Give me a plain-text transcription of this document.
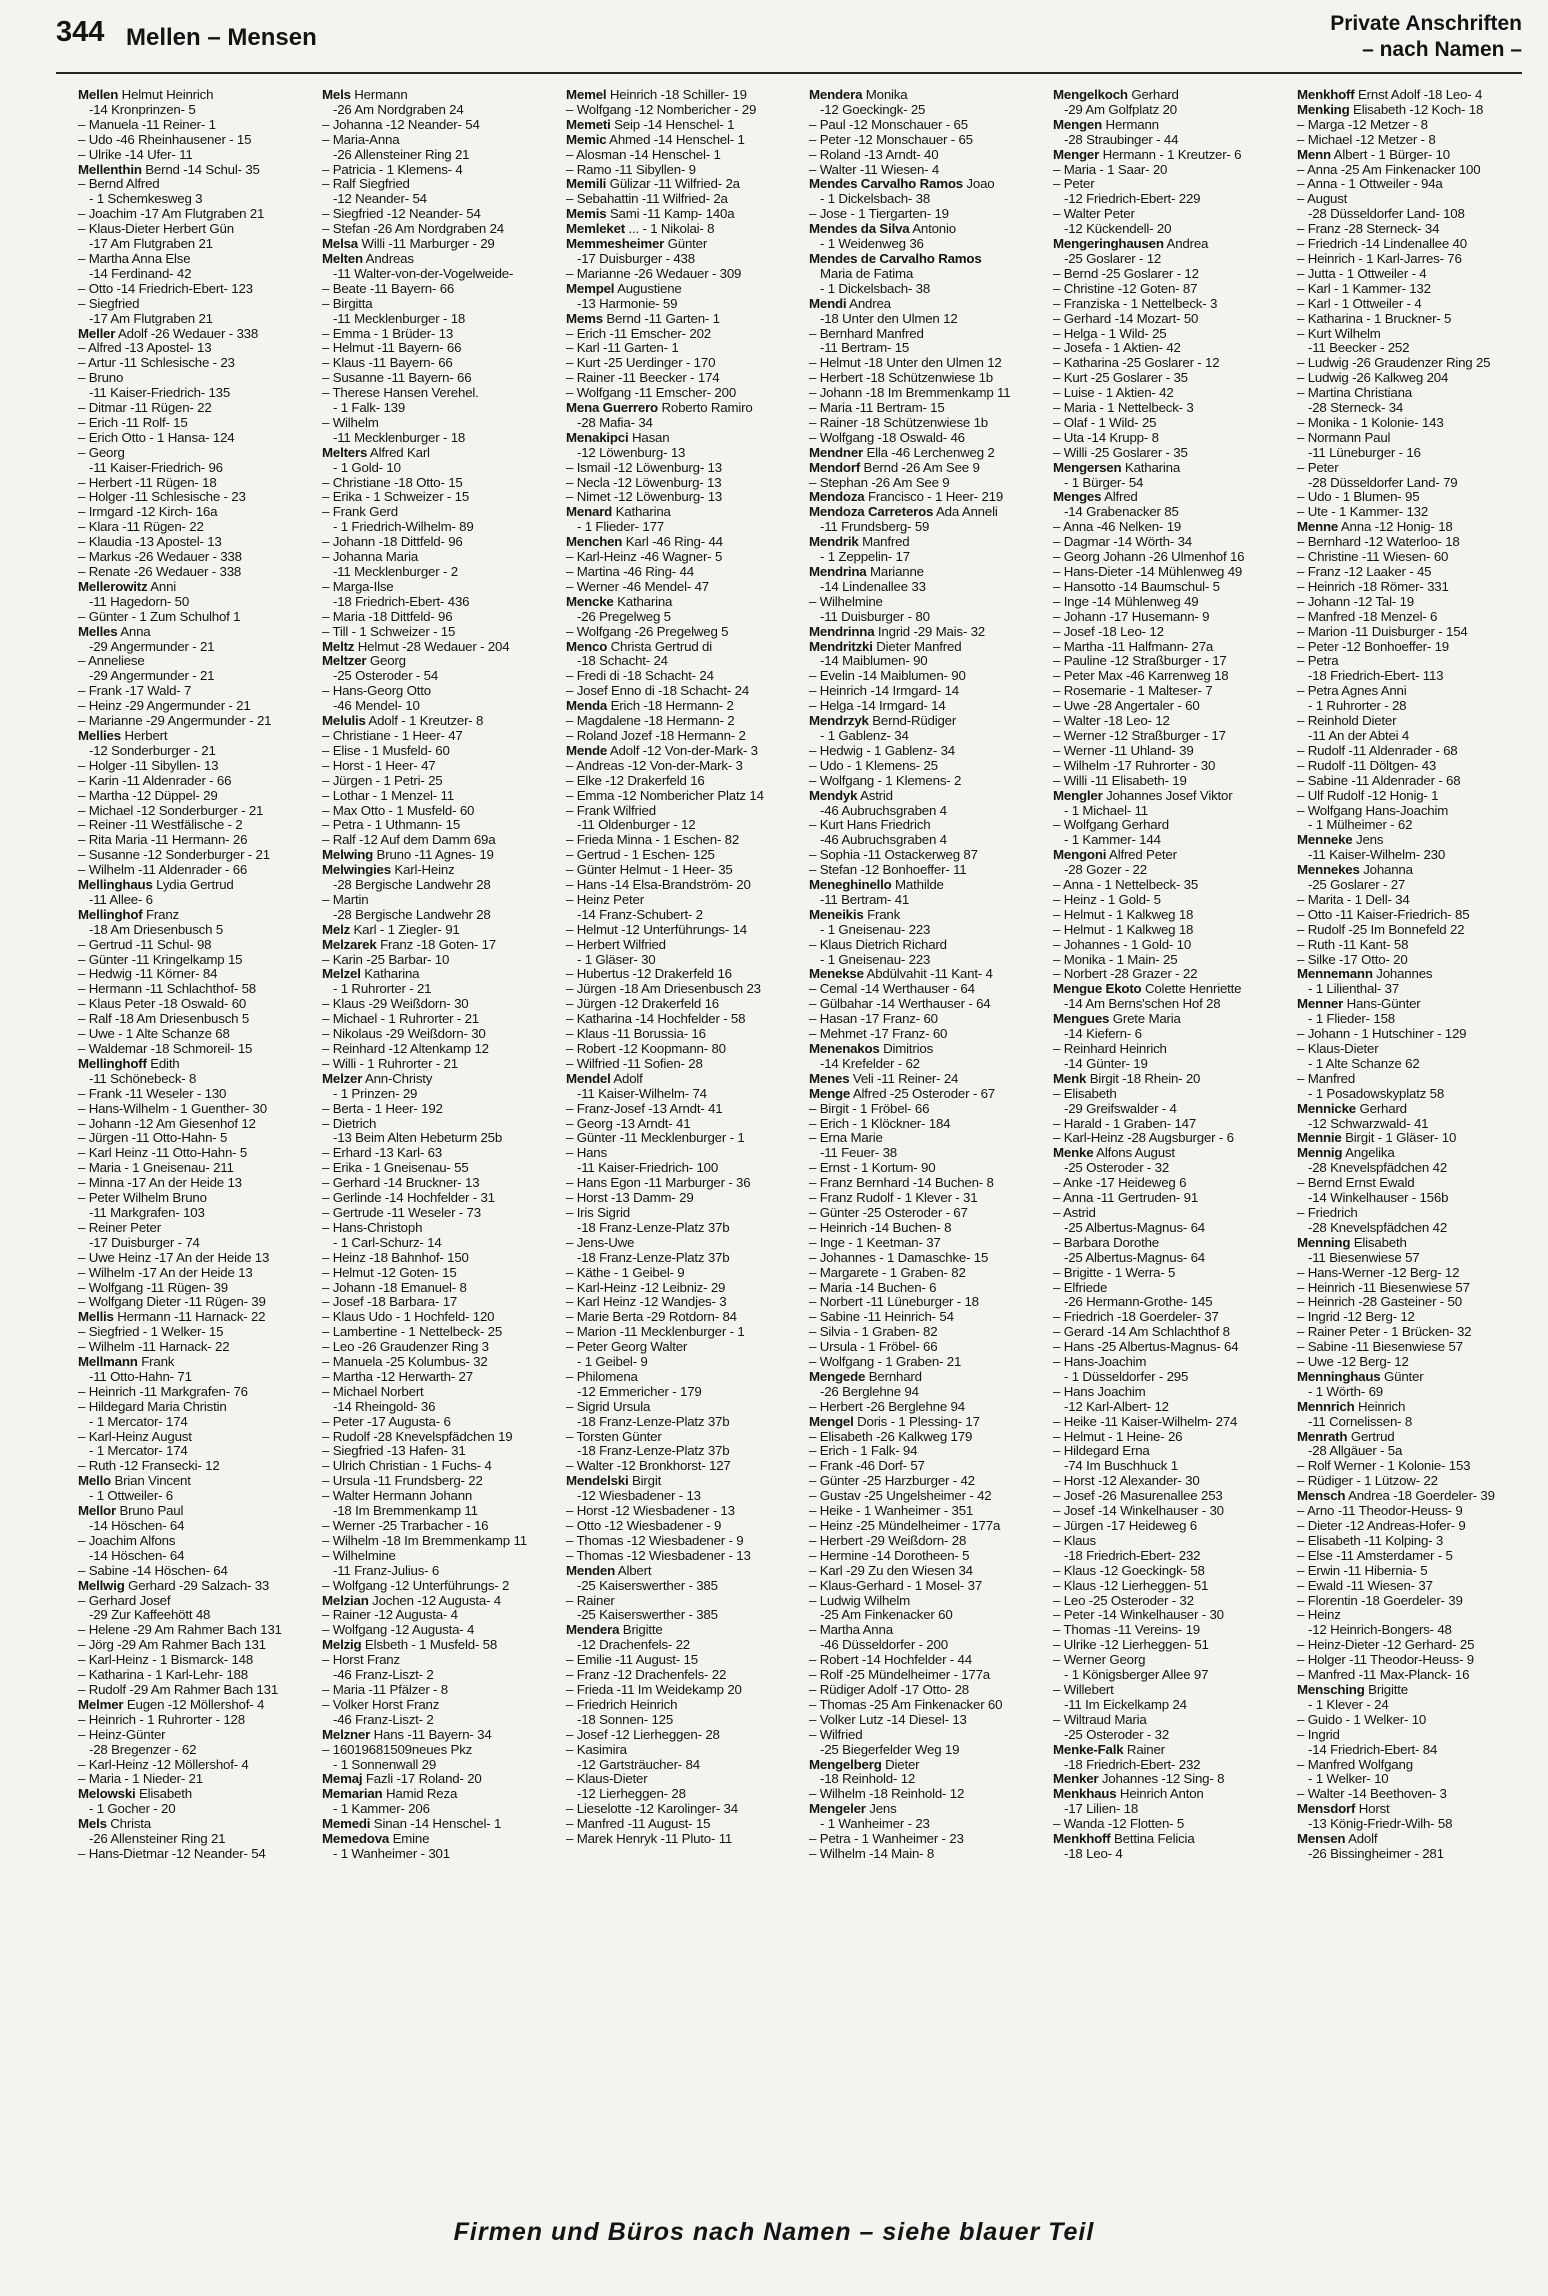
344 Mellen – Mensen
Private Anschriften
– nach Namen –
Mellen Helmut Heinrich
-14 Kronprinzen- 5
– Manuela -11 Reiner- 1
– Udo -46 Rheinhausener - 15
– Ulrike -14 Ufer- 11
Mellenthin Bernd -14 Schul- 35
– Bernd Alfred
- 1 Schemkesweg 3
– Joachim -17 Am Flutgraben 21
– Klaus-Dieter Herbert Gün
-17 Am Flutgraben 21
– Martha Anna Else
-14 Ferdinand- 42
– Otto -14 Friedrich-Ebert- 123
– Siegfried
-17 Am Flutgraben 21
Meller Adolf -26 Wedauer - 338
– Alfred -13 Apostel- 13
– Artur -11 Schlesische - 23
– Bruno
-11 Kaiser-Friedrich- 135
– Ditmar -11 Rügen- 22
– Erich -11 Rolf- 15
– Erich Otto - 1 Hansa- 124
– Georg
-11 Kaiser-Friedrich- 96
– Herbert -11 Rügen- 18
– Holger -11 Schlesische - 23
– Irmgard -12 Kirch- 16a
– Klara -11 Rügen- 22
– Klaudia -13 Apostel- 13
– Markus -26 Wedauer - 338
– Renate -26 Wedauer - 338
Mellerowitz Anni
-11 Hagedorn- 50
– Günter - 1 Zum Schulhof 1
Melles Anna
-29 Angermunder - 21
– Anneliese
-29 Angermunder - 21
– Frank -17 Wald- 7
– Heinz -29 Angermunder - 21
– Marianne -29 Angermunder - 21
Mellies Herbert
-12 Sonderburger - 21
– Holger -11 Sibyllen- 13
– Karin -11 Aldenrader - 66
– Martha -12 Düppel- 29
– Michael -12 Sonderburger - 21
– Reiner -11 Westfälische - 2
– Rita Maria -11 Hermann- 26
– Susanne -12 Sonderburger - 21
– Wilhelm -11 Aldenrader - 66
Mellinghaus Lydia Gertrud
-11 Allee- 6
Mellinghof Franz
-18 Am Driesenbusch 5
– Gertrud -11 Schul- 98
– Günter -11 Kringelkamp 15
– Hedwig -11 Körner- 84
– Hermann -11 Schlachthof- 58
– Klaus Peter -18 Oswald- 60
– Ralf -18 Am Driesenbusch 5
– Uwe - 1 Alte Schanze 68
– Waldemar -18 Schmoreil- 15
Mellinghoff Edith
-11 Schönebeck- 8
– Frank -11 Weseler - 130
– Hans-Wilhelm - 1 Guenther- 30
– Johann -12 Am Giesenhof 12
– Jürgen -11 Otto-Hahn- 5
– Karl Heinz -11 Otto-Hahn- 5
– Maria - 1 Gneisenau- 211
– Minna -17 An der Heide 13
– Peter Wilhelm Bruno
-11 Markgrafen- 103
– Reiner Peter
-17 Duisburger - 74
– Uwe Heinz -17 An der Heide 13
– Wilhelm -17 An der Heide 13
– Wolfgang -11 Rügen- 39
– Wolfgang Dieter -11 Rügen- 39
Mellis Hermann -11 Harnack- 22
– Siegfried - 1 Welker- 15
– Wilhelm -11 Harnack- 22
Mellmann Frank
-11 Otto-Hahn- 71
– Heinrich -11 Markgrafen- 76
– Hildegard Maria Christin
- 1 Mercator- 174
– Karl-Heinz August
- 1 Mercator- 174
– Ruth -12 Fransecki- 12
Mello Brian Vincent
- 1 Ottweiler- 6
Mellor Bruno Paul
-14 Höschen- 64
– Joachim Alfons
-14 Höschen- 64
– Sabine -14 Höschen- 64
Mellwig Gerhard -29 Salzach- 33
– Gerhard Josef
-29 Zur Kaffeehött 48
– Helene -29 Am Rahmer Bach 131
– Jörg -29 Am Rahmer Bach 131
– Karl-Heinz - 1 Bismarck- 148
– Katharina - 1 Karl-Lehr- 188
– Rudolf -29 Am Rahmer Bach 131
Melmer Eugen -12 Möllershof- 4
– Heinrich - 1 Ruhrorter - 128
– Heinz-Günter
-28 Bregenzer - 62
– Karl-Heinz -12 Möllershof- 4
– Maria - 1 Nieder- 21
Melowski Elisabeth
- 1 Gocher - 20
Mels Christa
-26 Allensteiner Ring 21
– Hans-Dietmar -12 Neander- 54
Mels Hermann
-26 Am Nordgraben 24
– Johanna -12 Neander- 54
– Maria-Anna
-26 Allensteiner Ring 21
– Patricia - 1 Klemens- 4
– Ralf Siegfried
-12 Neander- 54
– Siegfried -12 Neander- 54
– Stefan -26 Am Nordgraben 24
Melsa Willi -11 Marburger - 29
Melten Andreas
-11 Walter-von-der-Vogelweide-
– Beate -11 Bayern- 66
– Birgitta
-11 Mecklenburger - 18
– Emma - 1 Brüder- 13
– Helmut -11 Bayern- 66
– Klaus -11 Bayern- 66
– Susanne -11 Bayern- 66
– Therese Hansen Verehel.
- 1 Falk- 139
– Wilhelm
-11 Mecklenburger - 18
Melters Alfred Karl
- 1 Gold- 10
– Christiane -18 Otto- 15
– Erika - 1 Schweizer - 15
– Frank Gerd
- 1 Friedrich-Wilhelm- 89
– Johann -18 Dittfeld- 96
– Johanna Maria
-11 Mecklenburger - 2
– Marga-Ilse
-18 Friedrich-Ebert- 436
– Maria -18 Dittfeld- 96
– Till - 1 Schweizer - 15
Meltz Helmut -28 Wedauer - 204
Meltzer Georg
-25 Osteroder - 54
– Hans-Georg Otto
-46 Mendel- 10
Melulis Adolf - 1 Kreutzer- 8
– Christiane - 1 Heer- 47
– Elise - 1 Musfeld- 60
– Horst - 1 Heer- 47
– Jürgen - 1 Petri- 25
– Lothar - 1 Menzel- 11
– Max Otto - 1 Musfeld- 60
– Petra - 1 Uthmann- 15
– Ralf -12 Auf dem Damm 69a
Melwing Bruno -11 Agnes- 19
Melwingies Karl-Heinz
-28 Bergische Landwehr 28
– Martin
-28 Bergische Landwehr 28
Melz Karl - 1 Ziegler- 91
Melzarek Franz -18 Goten- 17
– Karin -25 Barbar- 10
Melzel Katharina
- 1 Ruhrorter - 21
– Klaus -29 Weißdorn- 30
– Michael - 1 Ruhrorter - 21
– Nikolaus -29 Weißdorn- 30
– Reinhard -12 Altenkamp 12
– Willi - 1 Ruhrorter - 21
Melzer Ann-Christy
- 1 Prinzen- 29
– Berta - 1 Heer- 192
– Dietrich
-13 Beim Alten Hebeturm 25b
– Erhard -13 Karl- 63
– Erika - 1 Gneisenau- 55
– Gerhard -14 Bruckner- 13
– Gerlinde -14 Hochfelder - 31
– Gertrude -11 Weseler - 73
– Hans-Christoph
- 1 Carl-Schurz- 14
– Heinz -18 Bahnhof- 150
– Helmut -12 Goten- 15
– Johann -18 Emanuel- 8
– Josef -18 Barbara- 17
– Klaus Udo - 1 Hochfeld- 120
– Lambertine - 1 Nettelbeck- 25
– Leo -26 Graudenzer Ring 3
– Manuela -25 Kolumbus- 32
– Martha -12 Herwarth- 27
– Michael Norbert
-14 Rheingold- 36
– Peter -17 Augusta- 6
– Rudolf -28 Knevelspfädchen 19
– Siegfried -13 Hafen- 31
– Ulrich Christian - 1 Fuchs- 4
– Ursula -11 Frundsberg- 22
– Walter Hermann Johann
-18 Im Bremmenkamp 11
– Werner -25 Trarbacher - 16
– Wilhelm -18 Im Bremmenkamp 11
– Wilhelmine
-11 Franz-Julius- 6
– Wolfgang -12 Unterführungs- 2
Melzian Jochen -12 Augusta- 4
– Rainer -12 Augusta- 4
– Wolfgang -12 Augusta- 4
Melzig Elsbeth - 1 Musfeld- 58
– Horst Franz
-46 Franz-Liszt- 2
– Maria -11 Pfälzer - 8
– Volker Horst Franz
-46 Franz-Liszt- 2
Melzner Hans -11 Bayern- 34
– 16019681509neues Pkz
- 1 Sonnenwall 29
Memaj Fazli -17 Roland- 20
Memarian Hamid Reza
- 1 Kammer- 206
Memedi Sinan -14 Henschel- 1
Memedova Emine
- 1 Wanheimer - 301
Memel Heinrich -18 Schiller- 19
– Wolfgang -12 Nombericher - 29
Memeti Seip -14 Henschel- 1
Memic Ahmed -14 Henschel- 1
– Alosman -14 Henschel- 1
– Ramo -11 Sibyllen- 9
Memili Gülizar -11 Wilfried- 2a
– Sebahattin -11 Wilfried- 2a
Memis Sami -11 Kamp- 140a
Memleket ... - 1 Nikolai- 8
Memmesheimer Günter
-17 Duisburger - 438
– Marianne -26 Wedauer - 309
Mempel Augustiene
-13 Harmonie- 59
Mems Bernd -11 Garten- 1
– Erich -11 Emscher- 202
– Karl -11 Garten- 1
– Kurt -25 Uerdinger - 170
– Rainer -11 Beecker - 174
– Wolfgang -11 Emscher- 200
Mena Guerrero Roberto Ramiro
-28 Mafia- 34
Menakipci Hasan
-12 Löwenburg- 13
– Ismail -12 Löwenburg- 13
– Necla -12 Löwenburg- 13
– Nimet -12 Löwenburg- 13
Menard Katharina
- 1 Flieder- 177
Menchen Karl -46 Ring- 44
– Karl-Heinz -46 Wagner- 5
– Martina -46 Ring- 44
– Werner -46 Mendel- 47
Mencke Katharina
-26 Pregelweg 5
– Wolfgang -26 Pregelweg 5
Menco Christa Gertrud di
-18 Schacht- 24
– Fredi di -18 Schacht- 24
– Josef Enno di -18 Schacht- 24
Menda Erich -18 Hermann- 2
– Magdalene -18 Hermann- 2
– Roland Jozef -18 Hermann- 2
Mende Adolf -12 Von-der-Mark- 3
– Andreas -12 Von-der-Mark- 3
– Elke -12 Drakerfeld 16
– Emma -12 Nombericher Platz 14
– Frank Wilfried
-11 Oldenburger - 12
– Frieda Minna - 1 Eschen- 82
– Gertrud - 1 Eschen- 125
– Günter Helmut - 1 Heer- 35
– Hans -14 Elsa-Brandström- 20
– Heinz Peter
-14 Franz-Schubert- 2
– Helmut -12 Unterführungs- 14
– Herbert Wilfried
- 1 Gläser- 30
– Hubertus -12 Drakerfeld 16
– Jürgen -18 Am Driesenbusch 23
– Jürgen -12 Drakerfeld 16
– Katharina -14 Hochfelder - 58
– Klaus -11 Borussia- 16
– Robert -12 Koopmann- 80
– Wilfried -11 Sofien- 28
Mendel Adolf
-11 Kaiser-Wilhelm- 74
– Franz-Josef -13 Arndt- 41
– Georg -13 Arndt- 41
– Günter -11 Mecklenburger - 1
– Hans
-11 Kaiser-Friedrich- 100
– Hans Egon -11 Marburger - 36
– Horst -13 Damm- 29
– Iris Sigrid
-18 Franz-Lenze-Platz 37b
– Jens-Uwe
-18 Franz-Lenze-Platz 37b
– Käthe - 1 Geibel- 9
– Karl-Heinz -12 Leibniz- 29
– Karl Heinz -12 Wandjes- 3
– Marie Berta -29 Rotdorn- 84
– Marion -11 Mecklenburger - 1
– Peter Georg Walter
- 1 Geibel- 9
– Philomena
-12 Emmericher - 179
– Sigrid Ursula
-18 Franz-Lenze-Platz 37b
– Torsten Günter
-18 Franz-Lenze-Platz 37b
– Walter -12 Bronkhorst- 127
Mendelski Birgit
-12 Wiesbadener - 13
– Horst -12 Wiesbadener - 13
– Otto -12 Wiesbadener - 9
– Thomas -12 Wiesbadener - 9
– Thomas -12 Wiesbadener - 13
Menden Albert
-25 Kaiserswerther - 385
– Rainer
-25 Kaiserswerther - 385
Mendera Brigitte
-12 Drachenfels- 22
– Emilie -11 August- 15
– Franz -12 Drachenfels- 22
– Frieda -11 Im Weidekamp 20
– Friedrich Heinrich
-18 Sonnen- 125
– Josef -12 Lierheggen- 28
– Kasimira
-12 Gartsträucher- 84
– Klaus-Dieter
-12 Lierheggen- 28
– Lieselotte -12 Karolinger- 34
– Manfred -11 August- 15
– Marek Henryk -11 Pluto- 11
Mendera Monika
-12 Goeckingk- 25
– Paul -12 Monschauer - 65
– Peter -12 Monschauer - 65
– Roland -13 Arndt- 40
– Walter -11 Wiesen- 4
Mendes Carvalho Ramos Joao
- 1 Dickelsbach- 38
– Jose - 1 Tiergarten- 19
Mendes da Silva Antonio
- 1 Weidenweg 36
Mendes de Carvalho Ramos
Maria de Fatima
- 1 Dickelsbach- 38
Mendi Andrea
-18 Unter den Ulmen 12
– Bernhard Manfred
-11 Bertram- 15
– Helmut -18 Unter den Ulmen 12
– Herbert -18 Schützenwiese 1b
– Johann -18 Im Bremmenkamp 11
– Maria -11 Bertram- 15
– Rainer -18 Schützenwiese 1b
– Wolfgang -18 Oswald- 46
Mendner Ella -46 Lerchenweg 2
Mendorf Bernd -26 Am See 9
– Stephan -26 Am See 9
Mendoza Francisco - 1 Heer- 219
Mendoza Carreteros Ada Anneli
-11 Frundsberg- 59
Mendrik Manfred
- 1 Zeppelin- 17
Mendrina Marianne
-14 Lindenallee 33
– Wilhelmine
-11 Duisburger - 80
Mendrinna Ingrid -29 Mais- 32
Mendritzki Dieter Manfred
-14 Maiblumen- 90
– Evelin -14 Maiblumen- 90
– Heinrich -14 Irmgard- 14
– Helga -14 Irmgard- 14
Mendrzyk Bernd-Rüdiger
- 1 Gablenz- 34
– Hedwig - 1 Gablenz- 34
– Udo - 1 Klemens- 25
– Wolfgang - 1 Klemens- 2
Mendyk Astrid
-46 Aubruchsgraben 4
– Kurt Hans Friedrich
-46 Aubruchsgraben 4
– Sophia -11 Ostackerweg 87
– Stefan -12 Bonhoeffer- 11
Meneghinello Mathilde
-11 Bertram- 41
Meneikis Frank
- 1 Gneisenau- 223
– Klaus Dietrich Richard
- 1 Gneisenau- 223
Menekse Abdülvahit -11 Kant- 4
– Cemal -14 Werthauser - 64
– Gülbahar -14 Werthauser - 64
– Hasan -17 Franz- 60
– Mehmet -17 Franz- 60
Menenakos Dimitrios
-14 Krefelder - 62
Menes Veli -11 Reiner- 24
Menge Alfred -25 Osteroder - 67
– Birgit - 1 Fröbel- 66
– Erich - 1 Klöckner- 184
– Erna Marie
-11 Feuer- 38
– Ernst - 1 Kortum- 90
– Franz Bernhard -14 Buchen- 8
– Franz Rudolf - 1 Klever - 31
– Günter -25 Osteroder - 67
– Heinrich -14 Buchen- 8
– Inge - 1 Keetman- 37
– Johannes - 1 Damaschke- 15
– Margarete - 1 Graben- 82
– Maria -14 Buchen- 6
– Norbert -11 Lüneburger - 18
– Sabine -11 Heinrich- 54
– Silvia - 1 Graben- 82
– Ursula - 1 Fröbel- 66
– Wolfgang - 1 Graben- 21
Mengede Bernhard
-26 Berglehne 94
– Herbert -26 Berglehne 94
Mengel Doris - 1 Plessing- 17
– Elisabeth -26 Kalkweg 179
– Erich - 1 Falk- 94
– Frank -46 Dorf- 57
– Günter -25 Harzburger - 42
– Gustav -25 Ungelsheimer - 42
– Heike - 1 Wanheimer - 351
– Heinz -25 Mündelheimer - 177a
– Herbert -29 Weißdorn- 28
– Hermine -14 Dorotheen- 5
– Karl -29 Zu den Wiesen 34
– Klaus-Gerhard - 1 Mosel- 37
– Ludwig Wilhelm
-25 Am Finkenacker 60
– Martha Anna
-46 Düsseldorfer - 200
– Robert -14 Hochfelder - 44
– Rolf -25 Mündelheimer - 177a
– Rüdiger Adolf -17 Otto- 28
– Thomas -25 Am Finkenacker 60
– Volker Lutz -14 Diesel- 13
– Wilfried
-25 Biegerfelder Weg 19
Mengelberg Dieter
-18 Reinhold- 12
– Wilhelm -18 Reinhold- 12
Mengeler Jens
- 1 Wanheimer - 23
– Petra - 1 Wanheimer - 23
– Wilhelm -14 Main- 8
Mengelkoch Gerhard
-29 Am Golfplatz 20
Mengen Hermann
-28 Straubinger - 44
Menger Hermann - 1 Kreutzer- 6
– Maria - 1 Saar- 20
– Peter
-12 Friedrich-Ebert- 229
– Walter Peter
-12 Kückendell- 20
Mengeringhausen Andrea
-25 Goslarer - 12
– Bernd -25 Goslarer - 12
– Christine -12 Goten- 87
– Franziska - 1 Nettelbeck- 3
– Gerhard -14 Mozart- 50
– Helga - 1 Wild- 25
– Josefa - 1 Aktien- 42
– Katharina -25 Goslarer - 12
– Kurt -25 Goslarer - 35
– Luise - 1 Aktien- 42
– Maria - 1 Nettelbeck- 3
– Olaf - 1 Wild- 25
– Uta -14 Krupp- 8
– Willi -25 Goslarer - 35
Mengersen Katharina
- 1 Bürger- 54
Menges Alfred
-14 Grabenacker 85
– Anna -46 Nelken- 19
– Dagmar -14 Wörth- 34
– Georg Johann -26 Ulmenhof 16
– Hans-Dieter -14 Mühlenweg 49
– Hansotto -14 Baumschul- 5
– Inge -14 Mühlenweg 49
– Johann -17 Husemann- 9
– Josef -18 Leo- 12
– Martha -11 Halfmann- 27a
– Pauline -12 Straßburger - 17
– Peter Max -46 Karrenweg 18
– Rosemarie - 1 Malteser- 7
– Uwe -28 Angertaler - 60
– Walter -18 Leo- 12
– Werner -12 Straßburger - 17
– Werner -11 Uhland- 39
– Wilhelm -17 Ruhrorter - 30
– Willi -11 Elisabeth- 19
Mengler Johannes Josef Viktor
- 1 Michael- 11
– Wolfgang Gerhard
- 1 Kammer- 144
Mengoni Alfred Peter
-28 Gozer - 22
– Anna - 1 Nettelbeck- 35
– Heinz - 1 Gold- 5
– Helmut - 1 Kalkweg 18
– Helmut - 1 Kalkweg 18
– Johannes - 1 Gold- 10
– Monika - 1 Main- 25
– Norbert -28 Grazer - 22
Mengue Ekoto Colette Henriette
-14 Am Berns'schen Hof 28
Mengues Grete Maria
-14 Kiefern- 6
– Reinhard Heinrich
-14 Günter- 19
Menk Birgit -18 Rhein- 20
– Elisabeth
-29 Greifswalder - 4
– Harald - 1 Graben- 147
– Karl-Heinz -28 Augsburger - 6
Menke Alfons August
-25 Osteroder - 32
– Anke -17 Heideweg 6
– Anna -11 Gertruden- 91
– Astrid
-25 Albertus-Magnus- 64
– Barbara Dorothe
-25 Albertus-Magnus- 64
– Brigitte - 1 Werra- 5
– Elfriede
-26 Hermann-Grothe- 145
– Friedrich -18 Goerdeler- 37
– Gerard -14 Am Schlachthof 8
– Hans -25 Albertus-Magnus- 64
– Hans-Joachim
- 1 Düsseldorfer - 295
– Hans Joachim
-12 Karl-Albert- 12
– Heike -11 Kaiser-Wilhelm- 274
– Helmut - 1 Heine- 26
– Hildegard Erna
-74 Im Buschhuck 1
– Horst -12 Alexander- 30
– Josef -26 Masurenallee 253
– Josef -14 Winkelhauser - 30
– Jürgen -17 Heideweg 6
– Klaus
-18 Friedrich-Ebert- 232
– Klaus -12 Goeckingk- 58
– Klaus -12 Lierheggen- 51
– Leo -25 Osteroder - 32
– Peter -14 Winkelhauser - 30
– Thomas -11 Vereins- 19
– Ulrike -12 Lierheggen- 51
– Werner Georg
- 1 Königsberger Allee 97
– Willebert
-11 Im Eickelkamp 24
– Wiltraud Maria
-25 Osteroder - 32
Menke-Falk Rainer
-18 Friedrich-Ebert- 232
Menker Johannes -12 Sing- 8
Menkhaus Heinrich Anton
-17 Lilien- 18
– Wanda -12 Flotten- 5
Menkhoff Bettina Felicia
-18 Leo- 4
Menkhoff Ernst Adolf -18 Leo- 4
Menking Elisabeth -12 Koch- 18
– Marga -12 Metzer - 8
– Michael -12 Metzer - 8
Menn Albert - 1 Bürger- 10
– Anna -25 Am Finkenacker 100
– Anna - 1 Ottweiler - 94a
– August
-28 Düsseldorfer Land- 108
– Franz -28 Sterneck- 34
– Friedrich -14 Lindenallee 40
– Heinrich - 1 Karl-Jarres- 76
– Jutta - 1 Ottweiler - 4
– Karl - 1 Kammer- 132
– Karl - 1 Ottweiler - 4
– Katharina - 1 Bruckner- 5
– Kurt Wilhelm
-11 Beecker - 252
– Ludwig -26 Graudenzer Ring 25
– Ludwig -26 Kalkweg 204
– Martina Christiana
-28 Sterneck- 34
– Monika - 1 Kolonie- 143
– Normann Paul
-11 Lüneburger - 16
– Peter
-28 Düsseldorfer Land- 79
– Udo - 1 Blumen- 95
– Ute - 1 Kammer- 132
Menne Anna -12 Honig- 18
– Bernhard -12 Waterloo- 18
– Christine -11 Wiesen- 60
– Franz -12 Laaker - 45
– Heinrich -18 Römer- 331
– Johann -12 Tal- 19
– Manfred -18 Menzel- 6
– Marion -11 Duisburger - 154
– Peter -12 Bonhoeffer- 19
– Petra
-18 Friedrich-Ebert- 113
– Petra Agnes Anni
- 1 Ruhrorter - 28
– Reinhold Dieter
-11 An der Abtei 4
– Rudolf -11 Aldenrader - 68
– Rudolf -11 Döltgen- 43
– Sabine -11 Aldenrader - 68
– Ulf Rudolf -12 Honig- 1
– Wolfgang Hans-Joachim
- 1 Mülheimer - 62
Menneke Jens
-11 Kaiser-Wilhelm- 230
Mennekes Johanna
-25 Goslarer - 27
– Marita - 1 Dell- 34
– Otto -11 Kaiser-Friedrich- 85
– Rudolf -25 Im Bonnefeld 22
– Ruth -11 Kant- 58
– Silke -17 Otto- 20
Mennemann Johannes
- 1 Lilienthal- 37
Menner Hans-Günter
- 1 Flieder- 158
– Johann - 1 Hutschiner - 129
– Klaus-Dieter
- 1 Alte Schanze 62
– Manfred
- 1 Posadowskyplatz 58
Mennicke Gerhard
-12 Schwarzwald- 41
Mennie Birgit - 1 Gläser- 10
Mennig Angelika
-28 Knevelspfädchen 42
– Bernd Ernst Ewald
-14 Winkelhauser - 156b
– Friedrich
-28 Knevelspfädchen 42
Menning Elisabeth
-11 Biesenwiese 57
– Hans-Werner -12 Berg- 12
– Heinrich -11 Biesenwiese 57
– Heinrich -28 Gasteiner - 50
– Ingrid -12 Berg- 12
– Rainer Peter - 1 Brücken- 32
– Sabine -11 Biesenwiese 57
– Uwe -12 Berg- 12
Menninghaus Günter
- 1 Wörth- 69
Mennrich Heinrich
-11 Cornelissen- 8
Menrath Gertrud
-28 Allgäuer - 5a
– Rolf Werner - 1 Kolonie- 153
– Rüdiger - 1 Lützow- 22
Mensch Andrea -18 Goerdeler- 39
– Arno -11 Theodor-Heuss- 9
– Dieter -12 Andreas-Hofer- 9
– Elisabeth -11 Kolping- 3
– Else -11 Amsterdamer - 5
– Erwin -11 Hibernia- 5
– Ewald -11 Wiesen- 37
– Florentin -18 Goerdeler- 39
– Heinz
-12 Heinrich-Bongers- 48
– Heinz-Dieter -12 Gerhard- 25
– Holger -11 Theodor-Heuss- 9
– Manfred -11 Max-Planck- 16
Mensching Brigitte
- 1 Klever - 24
– Guido - 1 Welker- 10
– Ingrid
-14 Friedrich-Ebert- 84
– Manfred Wolfgang
- 1 Welker- 10
– Walter -14 Beethoven- 3
Mensdorf Horst
-13 König-Friedr-Wilh- 58
Mensen Adolf
-26 Bissingheimer - 281
Firmen und Büros nach Namen – siehe blauer Teil
